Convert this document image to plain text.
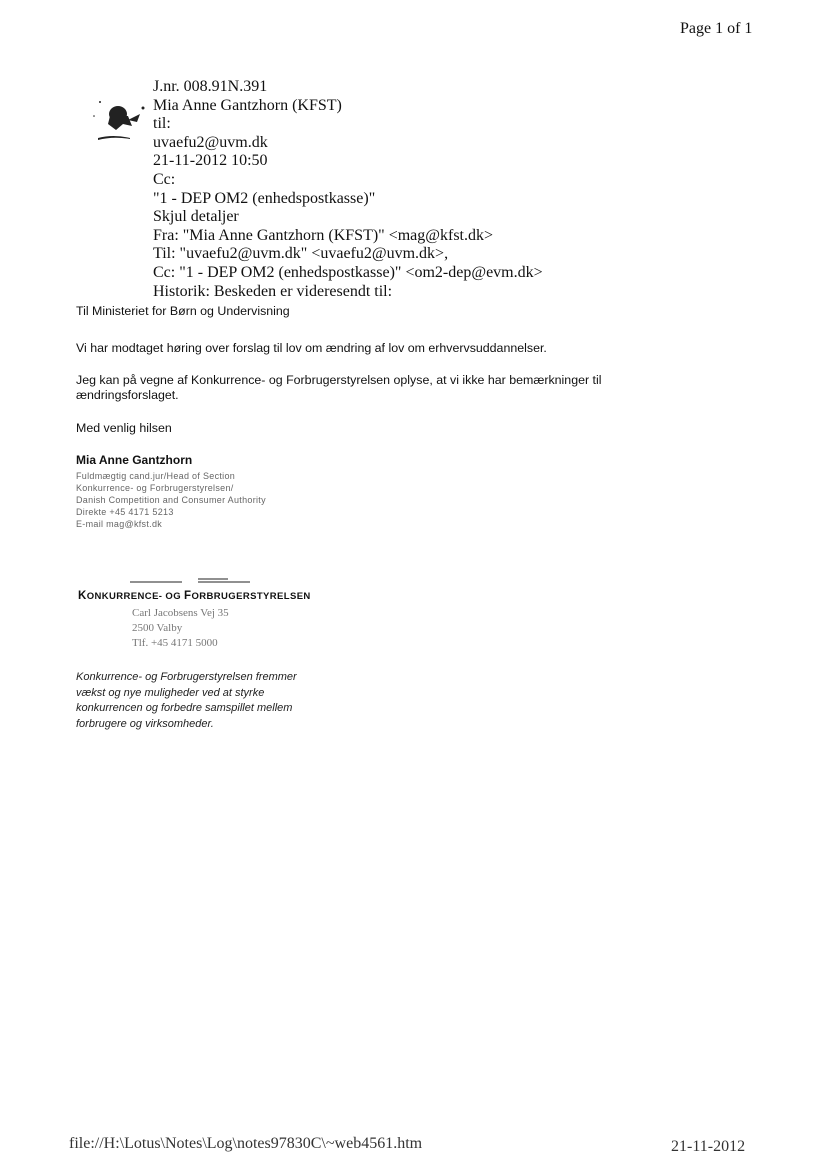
Page 1 of 1
J.nr. 008.91N.391
Mia Anne Gantzhorn (KFST)
til:
uvaefu2@uvm.dk
21-11-2012 10:50
Cc:
"1 - DEP OM2 (enhedspostkasse)"
Skjul detaljer
Fra: "Mia Anne Gantzhorn (KFST)" <mag@kfst.dk>
Til: "uvaefu2@uvm.dk" <uvaefu2@uvm.dk>,
Cc: "1 - DEP OM2 (enhedspostkasse)" <om2-dep@evm.dk>
Historik: Beskeden er videresendt til:
Til Ministeriet for Børn og Undervisning
Vi har modtaget høring over forslag til lov om ændring af lov om erhvervsuddannelser.
Jeg kan på vegne af Konkurrence- og Forbrugerstyrelsen oplyse, at vi ikke har bemærkninger til
ændringsforslaget.
Med venlig hilsen
Mia Anne Gantzhorn
Fuldmægtig cand.jur/Head of Section
Konkurrence- og Forbrugerstyrelsen/
Danish Competition and Consumer Authority
Direkte +45 4171 5213
E-mail mag@kfst.dk
KONKURRENCE- OG FORBRUGERSTYRELSEN
Carl Jacobsens Vej 35
2500 Valby
Tlf. +45 4171 5000
Konkurrence- og Forbrugerstyrelsen fremmer
vækst og nye muligheder ved at styrke
konkurrencen og forbedre samspillet mellem
forbrugere og virksomheder.
file://H:\Lotus\Notes\Log\notes97830C\~web4561.htm	21-11-2012
